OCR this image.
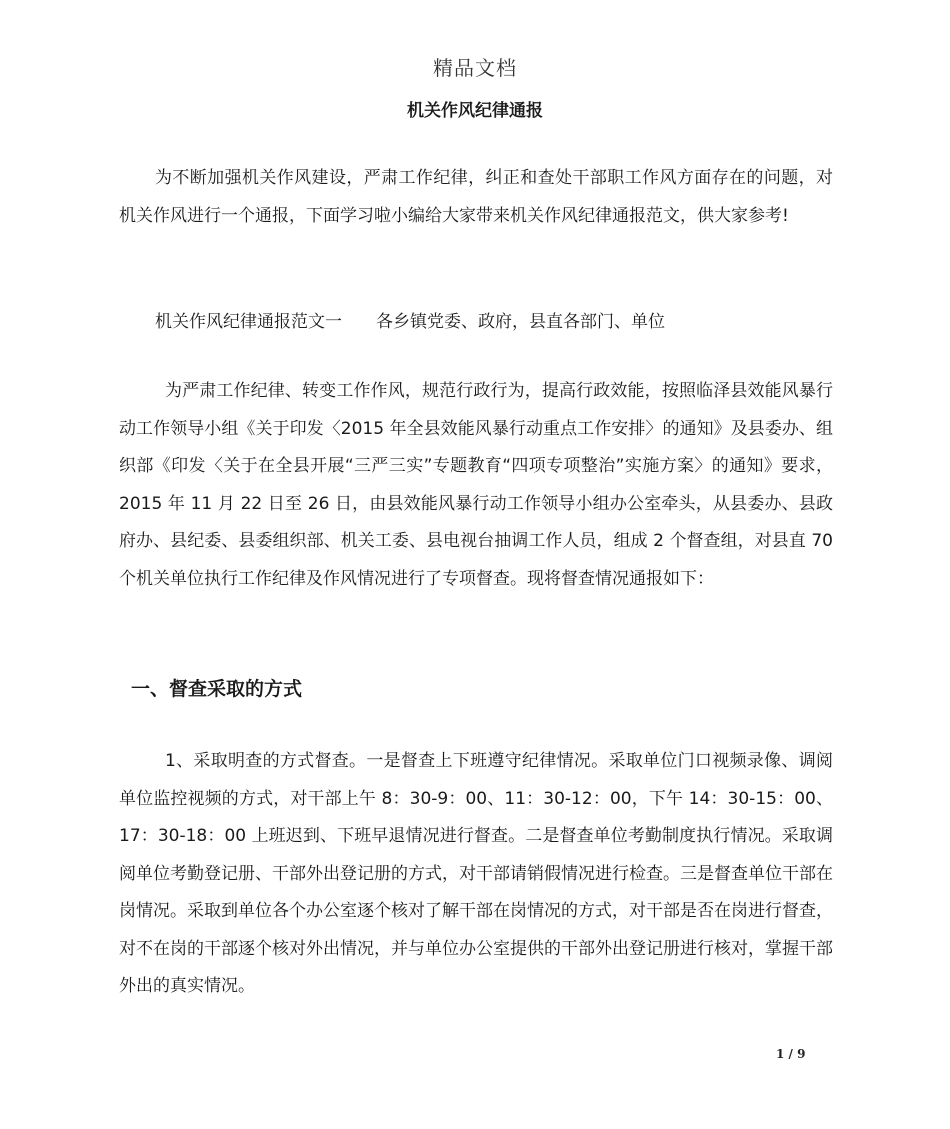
精品文档
机关作风纪律通报

为不断加强机关作风建设，严肃工作纪律，纠正和查处干部职工作风方面存在的问题，对机关作风进行一个通报，下面学习啦小编给大家带来机关作风纪律通报范文，供大家参考!

机关作风纪律通报范文一 各乡镇党委、政府，县直各部门、单位

为严肃工作纪律、转变工作作风，规范行政行为，提高行政效能，按照临泽县效能风暴行动工作领导小组《关于印发〈2015 年全县效能风暴行动重点工作安排〉的通知》及县委办、组织部《印发〈关于在全县开展“三严三实”专题教育“四项专项整治”实施方案〉的通知》要求，2015 年 11 月 22 日至 26 日，由县效能风暴行动工作领导小组办公室牵头，从县委办、县政府办、县纪委、县委组织部、机关工委、县电视台抽调工作人员，组成 2 个督查组，对县直 70 个机关单位执行工作纪律及作风情况进行了专项督查。现将督查情况通报如下：

一、督查采取的方式

1、采取明查的方式督查。一是督查上下班遵守纪律情况。采取单位门口视频录像、调阅单位监控视频的方式，对干部上午 8：30-9：00、11：30-12：00，下午 14：30-15：00、17：30-18：00 上班迟到、下班早退情况进行督查。二是督查单位考勤制度执行情况。采取调阅单位考勤登记册、干部外出登记册的方式，对干部请销假情况进行检查。三是督查单位干部在岗情况。采取到单位各个办公室逐个核对了解干部在岗情况的方式，对干部是否在岗进行督查，对不在岗的干部逐个核对外出情况，并与单位办公室提供的干部外出登记册进行核对，掌握干部外出的真实情况。

1 / 9
